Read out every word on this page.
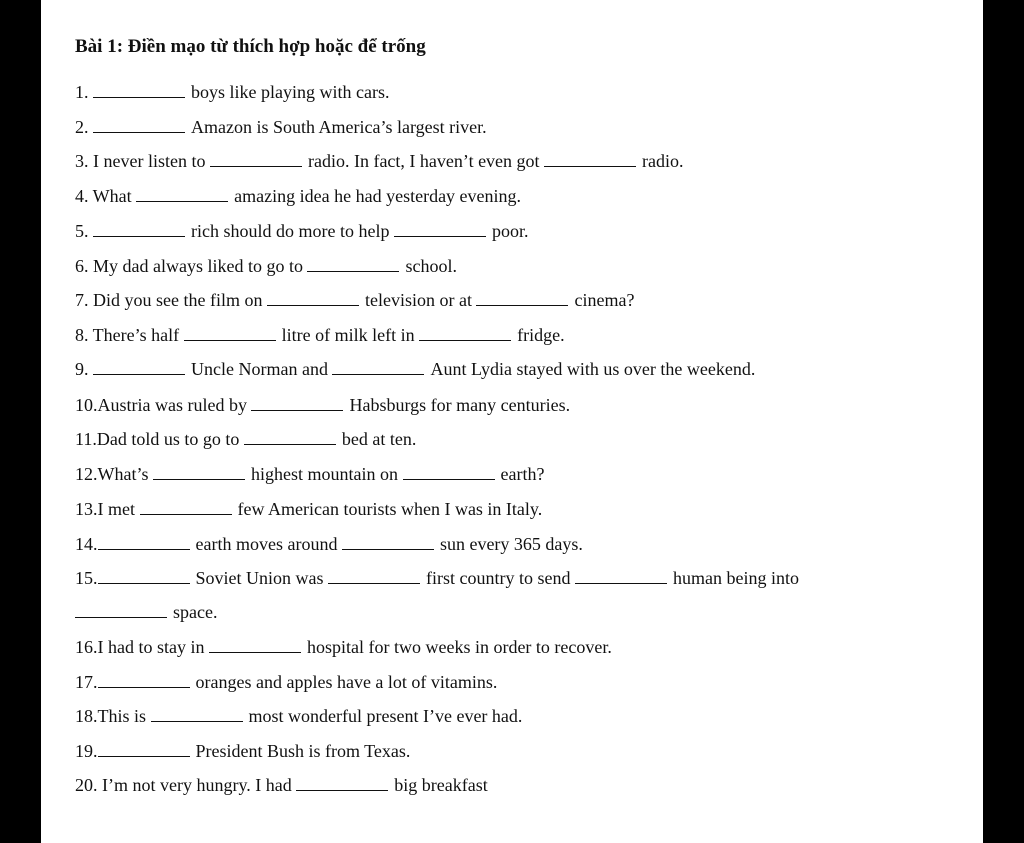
Bài 1: Điền mạo từ thích hợp hoặc để trống
1.	boys like playing with cars.
2.	Amazon is South America’s largest river.
3. I never listen to	radio. In fact, I haven’t even got	radio.
4. What	amazing idea he had yesterday evening.
5.	rich should do more to help	poor.
6. My dad always liked to go to	school.
7. Did you see the film on	television or at	cinema?
8. There’s half	litre of milk left in	fridge.
9.	Uncle Norman and	Aunt Lydia stayed with us over the weekend.
10.Austria was ruled by	Habsburgs for many centuries.
11.Dad told us to go to	bed at ten.
12.What’s	highest mountain on	earth?
13.I met	few American tourists when I was in Italy.
14.	earth moves around	sun every 365 days.
15.	Soviet Union was	first country to send	human being into
space.
16.I had to stay in	hospital for two weeks in order to recover.
17.	oranges and apples have a lot of vitamins.
18.This is	most wonderful present I’ve ever had.
19.	President Bush is from Texas.
20. I’m not very hungry. I had	big breakfast
